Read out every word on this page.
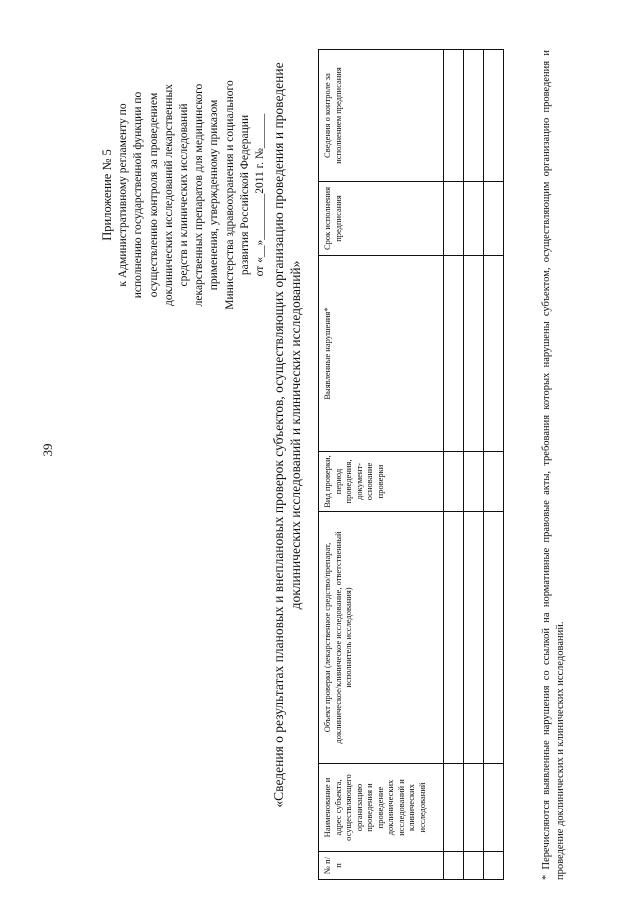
39
Приложение № 5 к Административному регламенту по исполнению государственной функции по осуществлению контроля за проведением доклинических исследований лекарственных средств и клинических исследований лекарственных препаратов для медицинского применения, утвержденному приказом Министерства здравоохранения и социального развития Российской Федерации от «__»________2011 г. №______ «Сведения о результатах плановых и внеплановых проверок субъектов, осуществляющих организацию проведения и проведение доклинических исследований и клинических исследований»
№ п/п	Наименование и адрес субъекта, осуществляющего организацию проведения и проведение доклинических исследований и клинических исследований	Объект проверки (лекарственное средство/препарат, доклиническое/клиническое исследование, ответственный исполнитель исследования)	Вид проверки, период проведения, документ-основание проверки	Выявленные нарушения*	Срок исполнения предписания	Сведения о контроле за исполнением предписания

							* Перечисляются выявленные нарушения со ссылкой на нормативные правовые акты, требования которых нарушены субъектом, осуществляющим организацию проведения и проведение доклинических и клинических исследований.
